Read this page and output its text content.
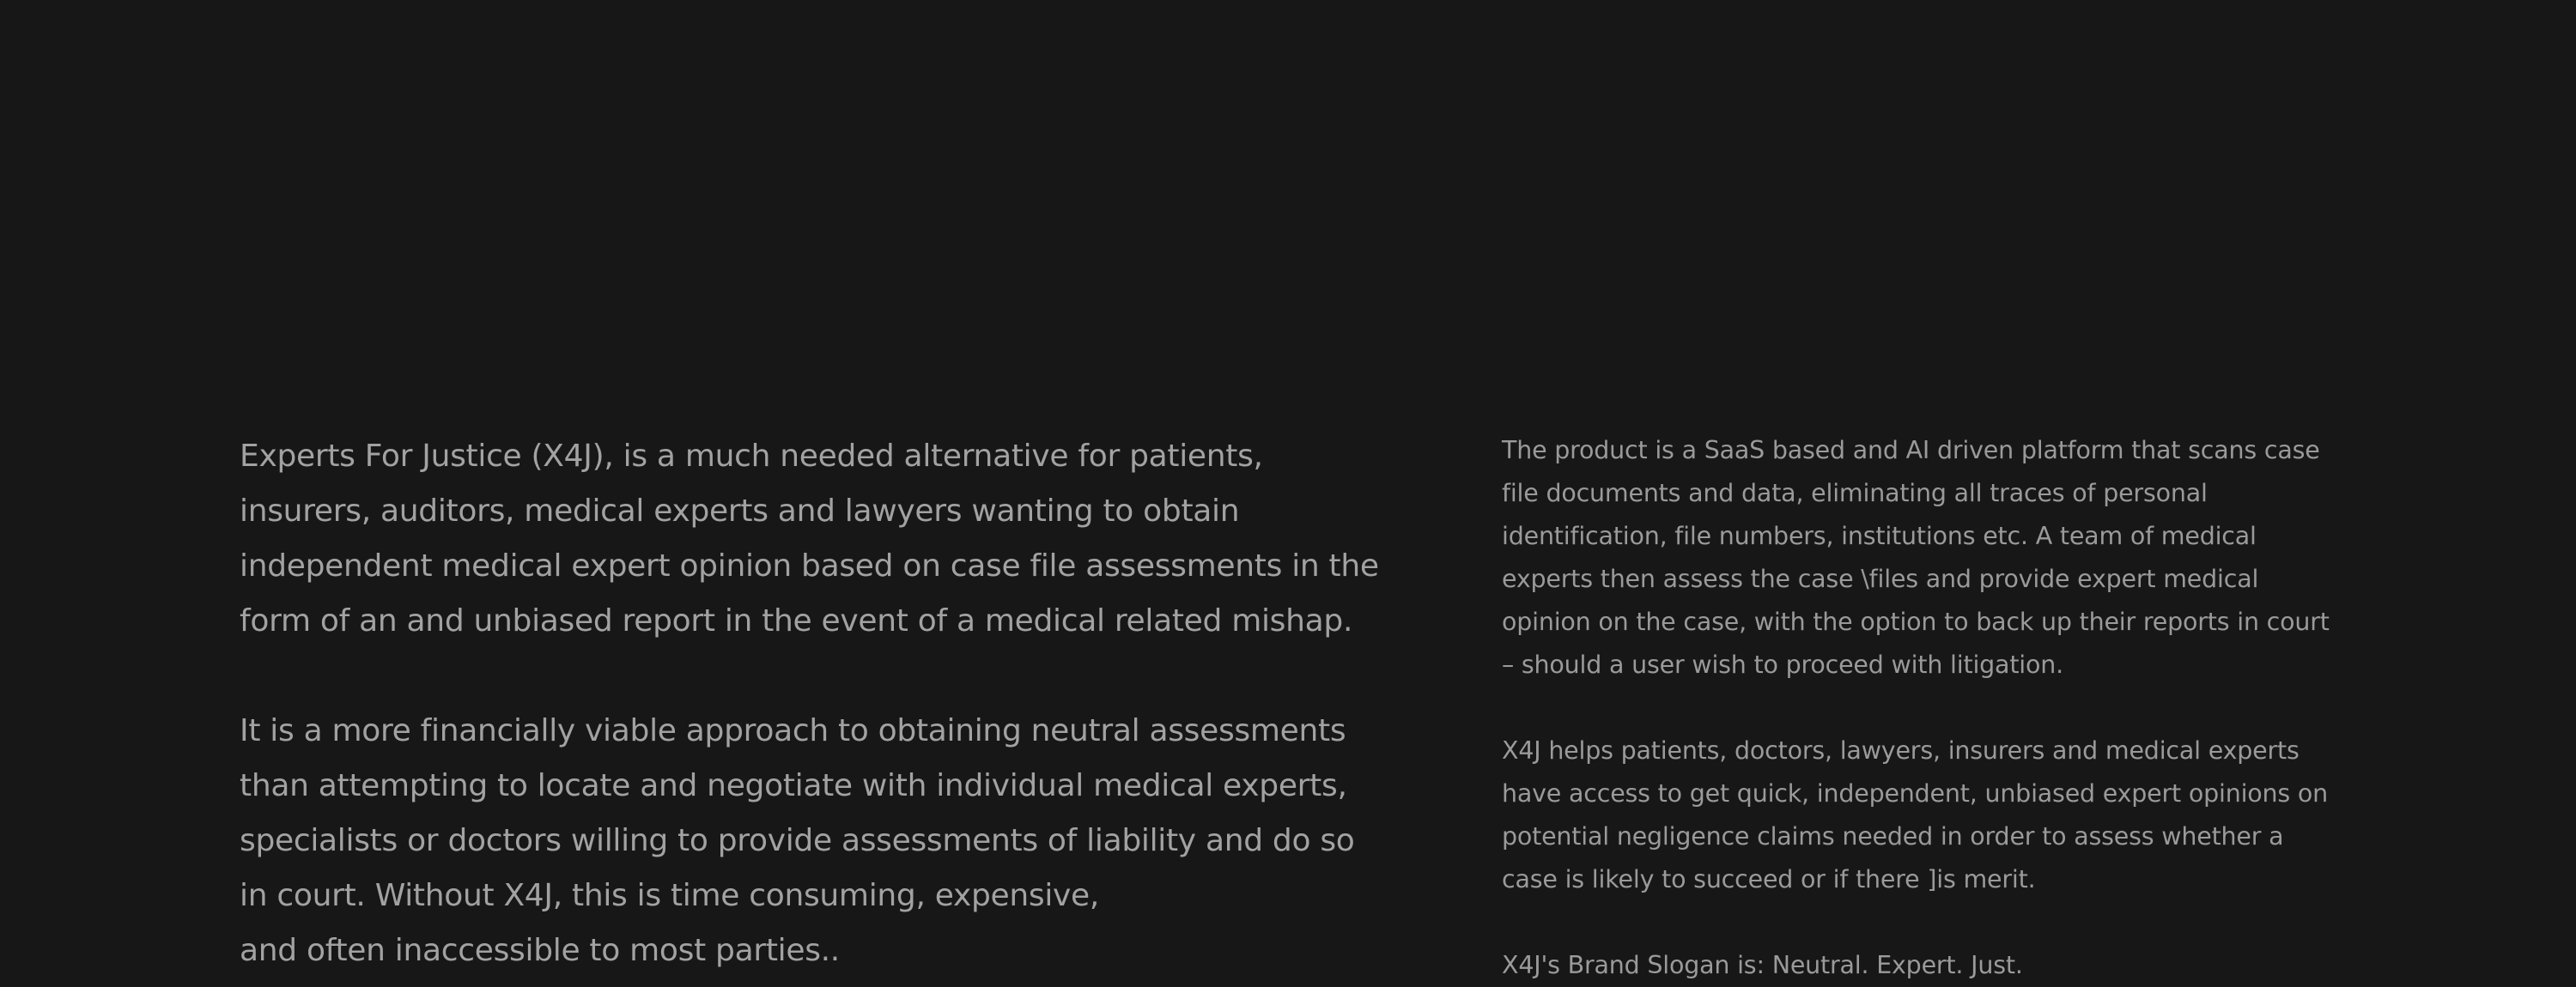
Experts For Justice (X4J), is a much needed alternative for patients, insurers, auditors, medical experts and lawyers wanting to obtain independent medical expert opinion based on case file assessments in the form of an and unbiased report in the event of a medical related mishap.

It is a more financially viable approach to obtaining neutral assessments than attempting to locate and negotiate with individual medical experts, specialists or doctors willing to provide assessments of liability and do so in court. Without X4J, this is time consuming, expensive,

and often inaccessible to most parties..

The product is a SaaS based and AI driven platform that scans case file documents and data, eliminating all traces of personal identification, file numbers, institutions etc. A team of medical experts then assess the case \files and provide expert medical opinion on the case, with the option to back up their reports in court – should a user wish to proceed with litigation.

X4J helps patients, doctors, lawyers, insurers and medical experts have access to get quick, independent, unbiased expert opinions on potential negligence claims needed in order to assess whether a case is likely to succeed or if there ]is merit.

X4J's Brand Slogan is: Neutral. Expert. Just.
